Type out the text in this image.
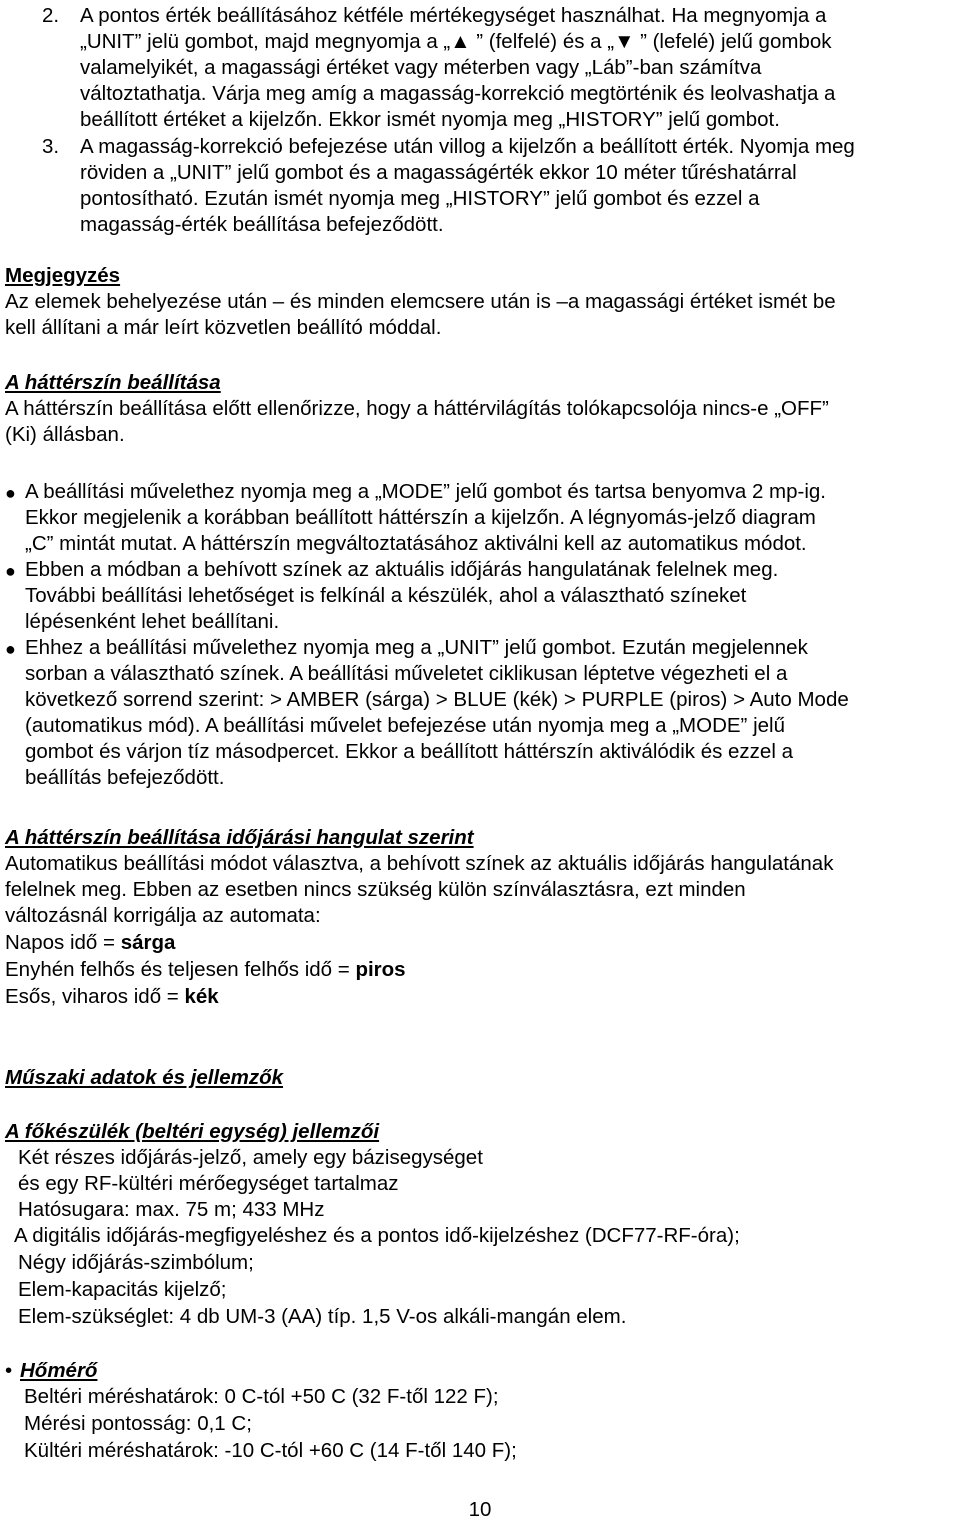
2. A pontos érték beállításához kétféle mértékegységet használhat. Ha megnyomja a
„UNIT” jelü gombot, majd megnyomja a „▲ ” (felfelé) és a „▼ ” (lefelé) jelű gombok
valamelyikét, a magassági értéket vagy méterben vagy „Láb”-ban számítva
változtathatja. Várja meg amíg a magasság-korrekció megtörténik és leolvashatja a
beállított értéket a kijelzőn. Ekkor ismét nyomja meg „HISTORY” jelű gombot.
3. A magasság-korrekció befejezése után villog a kijelzőn a beállított érték. Nyomja meg
röviden a „UNIT” jelű gombot és a magasságérték ekkor 10 méter tűréshatárral
pontosítható. Ezután ismét nyomja meg „HISTORY” jelű gombot és ezzel a
magasság-érték beállítása befejeződött.
Megjegyzés
Az elemek behelyezése után – és minden elemcsere után is –a magassági értéket ismét be
kell állítani a már leírt közvetlen beállító móddal.
A háttérszín beállítása
A háttérszín beállítása előtt ellenőrizze, hogy a háttérvilágítás tolókapcsolója nincs-e „OFF”
(Ki) állásban.
● A beállítási művelethez nyomja meg a „MODE” jelű gombot és tartsa benyomva 2 mp-ig.
Ekkor megjelenik a korábban beállított háttérszín a kijelzőn. A légnyomás-jelző diagram
„C” mintát mutat. A háttérszín megváltoztatásához aktiválni kell az automatikus módot.
● Ebben a módban a behívott színek az aktuális időjárás hangulatának felelnek meg.
További beállítási lehetőséget is felkínál a készülék, ahol a választható színeket
lépésenként lehet beállítani.
● Ehhez a beállítási művelethez nyomja meg a „UNIT” jelű gombot. Ezután megjelennek
sorban a választható színek. A beállítási műveletet ciklikusan léptetve végezheti el a
következő sorrend szerint: > AMBER (sárga) > BLUE (kék) > PURPLE (piros) > Auto Mode
(automatikus mód). A beállítási művelet befejezése után nyomja meg a „MODE” jelű
gombot és várjon tíz másodpercet. Ekkor a beállított háttérszín aktiválódik és ezzel a
beállítás befejeződött.
A háttérszín beállítása időjárási hangulat szerint
Automatikus beállítási módot választva, a behívott színek az aktuális időjárás hangulatának
felelnek meg. Ebben az esetben nincs szükség külön színválasztásra, ezt minden
változásnál korrigálja az automata:
Napos idő = sárga
Enyhén felhős és teljesen felhős idő = piros
Esős, viharos idő = kék
Műszaki adatok és jellemzők
A főkészülék (beltéri egység) jellemzői
Két részes időjárás-jelző, amely egy bázisegységet
és egy RF-kültéri mérőegységet tartalmaz
Hatósugara: max. 75 m; 433 MHz
A digitális időjárás-megfigyeléshez és a pontos idő-kijelzéshez (DCF77-RF-óra);
Négy időjárás-szimbólum;
Elem-kapacitás kijelző;
Elem-szükséglet: 4 db UM-3 (AA) típ. 1,5 V-os alkáli-mangán elem.
• Hőmérő
Beltéri méréshatárok: 0 C-tól +50 C (32 F-től 122 F);
Mérési pontosság: 0,1 C;
Kültéri méréshatárok: -10 C-tól +60 C (14 F-től 140 F);
10
